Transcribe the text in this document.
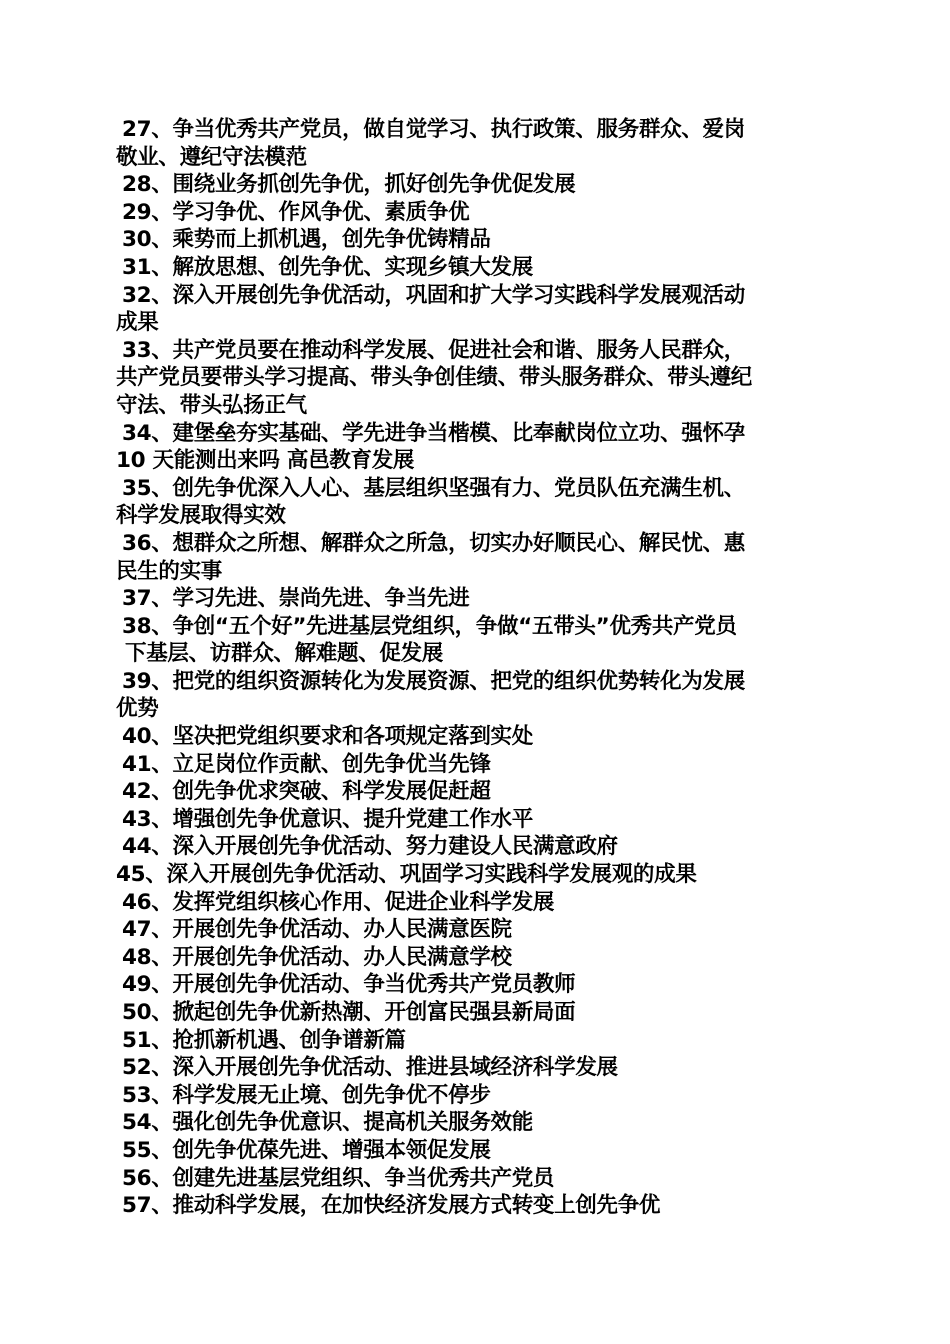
27、争当优秀共产党员，做自觉学习、执行政策、服务群众、爱岗
敬业、遵纪守法模范
28、围绕业务抓创先争优，抓好创先争优促发展
29、学习争优、作风争优、素质争优
30、乘势而上抓机遇，创先争优铸精品
31、解放思想、创先争优、实现乡镇大发展
32、深入开展创先争优活动，巩固和扩大学习实践科学发展观活动
成果
33、共产党员要在推动科学发展、促进社会和谐、服务人民群众，
共产党员要带头学习提高、带头争创佳绩、带头服务群众、带头遵纪
守法、带头弘扬正气
34、建堡垒夯实基础、学先进争当楷模、比奉献岗位立功、强怀孕
10 天能测出来吗 高邑教育发展
35、创先争优深入人心、基层组织坚强有力、党员队伍充满生机、
科学发展取得实效
36、想群众之所想、解群众之所急，切实办好顺民心、解民忧、惠
民生的实事
37、学习先进、崇尚先进、争当先进
38、争创“五个好”先进基层党组织，争做“五带头”优秀共产党员
下基层、访群众、解难题、促发展
39、把党的组织资源转化为发展资源、把党的组织优势转化为发展
优势
40、坚决把党组织要求和各项规定落到实处
41、立足岗位作贡献、创先争优当先锋
42、创先争优求突破、科学发展促赶超
43、增强创先争优意识、提升党建工作水平
44、深入开展创先争优活动、努力建设人民满意政府
45、深入开展创先争优活动、巩固学习实践科学发展观的成果
46、发挥党组织核心作用、促进企业科学发展
47、开展创先争优活动、办人民满意医院
48、开展创先争优活动、办人民满意学校
49、开展创先争优活动、争当优秀共产党员教师
50、掀起创先争优新热潮、开创富民强县新局面
51、抢抓新机遇、创争谱新篇
52、深入开展创先争优活动、推进县域经济科学发展
53、科学发展无止境、创先争优不停步
54、强化创先争优意识、提高机关服务效能
55、创先争优葆先进、增强本领促发展
56、创建先进基层党组织、争当优秀共产党员
57、推动科学发展，在加快经济发展方式转变上创先争优
